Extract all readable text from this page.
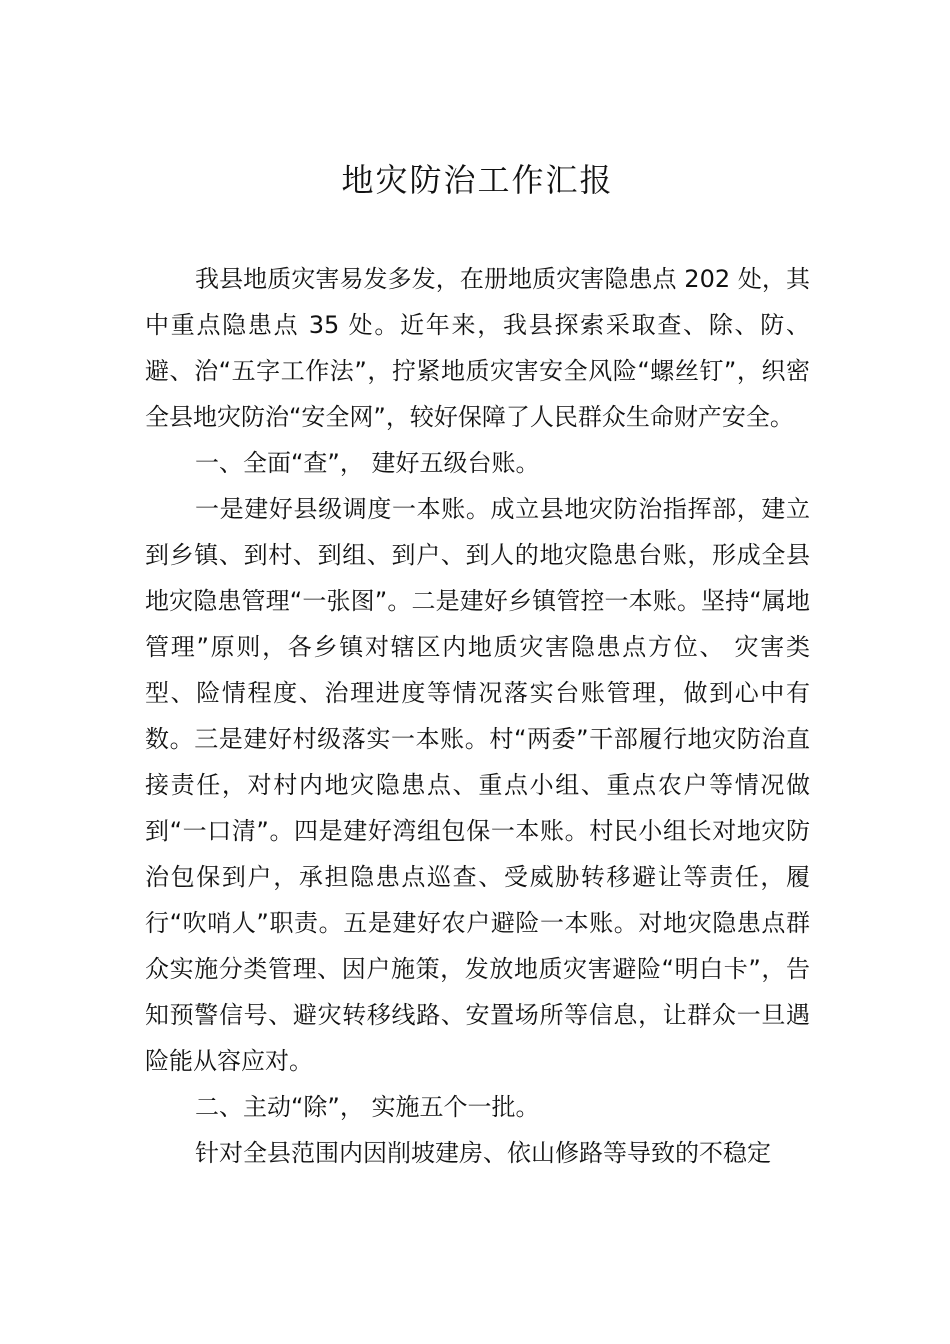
地灾防治工作汇报

我县地质灾害易发多发，在册地质灾害隐患点 202 处，其中重点隐患点 35 处。近年来，我县探索采取查、除、防、避、治“五字工作法”，拧紧地质灾害安全风险“螺丝钉”，织密全县地灾防治“安全网”，较好保障了人民群众生命财产安全。

一、全面“查”， 建好五级台账。

一是建好县级调度一本账。成立县地灾防治指挥部，建立到乡镇、到村、到组、到户、到人的地灾隐患台账，形成全县地灾隐患管理“一张图”。二是建好乡镇管控一本账。坚持“属地管理”原则，各乡镇对辖区内地质灾害隐患点方位、 灾害类型、险情程度、治理进度等情况落实台账管理，做到心中有数。三是建好村级落实一本账。村“两委”干部履行地灾防治直接责任，对村内地灾隐患点、重点小组、重点农户等情况做到“一口清”。四是建好湾组包保一本账。村民小组长对地灾防治包保到户，承担隐患点巡查、受威胁转移避让等责任，履行“吹哨人”职责。五是建好农户避险一本账。对地灾隐患点群众实施分类管理、因户施策，发放地质灾害避险“明白卡”，告知预警信号、避灾转移线路、安置场所等信息，让群众一旦遇险能从容应对。

二、主动“除”， 实施五个一批。

针对全县范围内因削坡建房、依山修路等导致的不稳定
